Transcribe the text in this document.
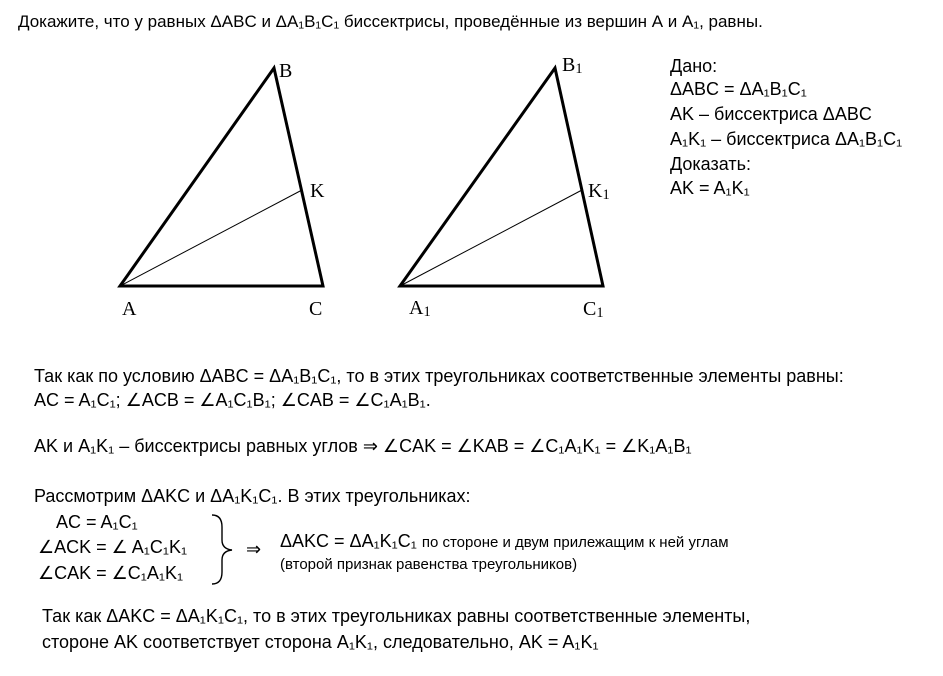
Докажите, что у равных ΔABC и ΔA₁B₁C₁ биссектрисы, проведённые из вершин А и А₁, равны.
B
K
A	C
$B_1$
$K_1$
$A_1$	$C_1$
Дано:
ΔABC = ΔA₁B₁C₁
AK – биссектриса ΔABC
A₁K₁ – биссектриса ΔA₁B₁C₁
Доказать:
AK = A₁K₁
Так как по условию ΔABC = ΔA₁B₁C₁, то в этих треугольниках соответственные элементы равны:
AC = A₁C₁; ∠ACB = ∠A₁C₁B₁; ∠CAB = ∠C₁A₁B₁.
AK и A₁K₁ – биссектрисы равных углов ⇒ ∠CAK = ∠KAB = ∠C₁A₁K₁ = ∠K₁A₁B₁
Рассмотрим ΔAKC и ΔA₁K₁C₁. В этих треугольниках:
AC = A₁C₁
∠ACK = ∠ A₁C₁K₁
∠CAK = ∠C₁A₁K₁
⇒ ΔAKC = ΔA₁K₁C₁ по стороне и двум прилежащим к ней углам
(второй признак равенства треугольников)
Так как ΔAKC = ΔA₁K₁C₁, то в этих треугольниках равны соответственные элементы,
стороне AK соответствует сторона A₁K₁, следовательно, AK = A₁K₁
